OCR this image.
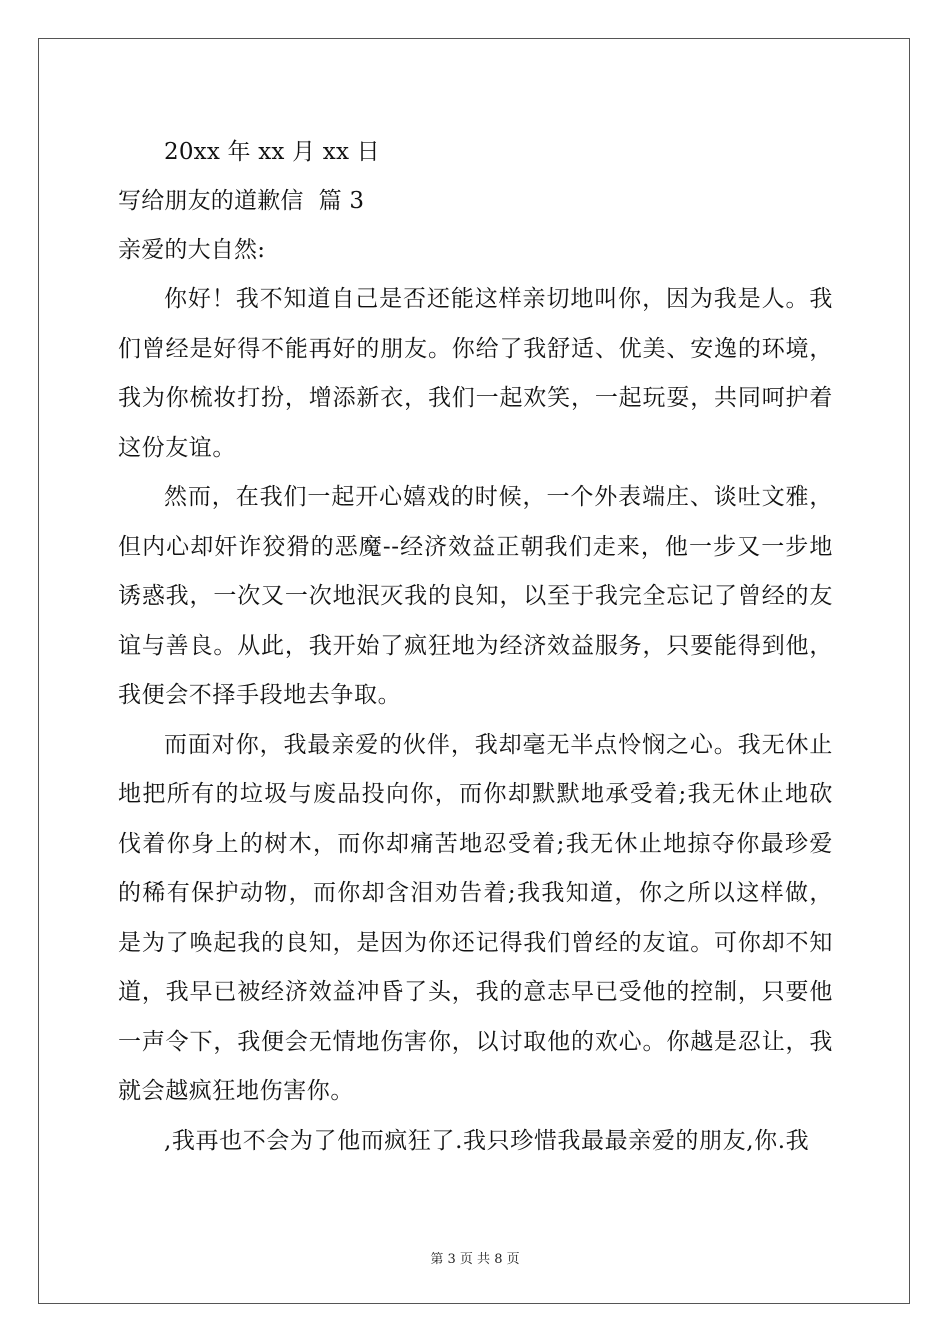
20xx 年 xx 月 xx 日
写给朋友的道歉信  篇 3
亲爱的大自然:

你好！我不知道自己是否还能这样亲切地叫你，因为我是人。我们曾经是好得不能再好的朋友。你给了我舒适、优美、安逸的环境，我为你梳妆打扮，增添新衣，我们一起欢笑，一起玩耍，共同呵护着这份友谊。

然而，在我们一起开心嬉戏的时候，一个外表端庄、谈吐文雅，但内心却奸诈狡猾的恶魔--经济效益正朝我们走来，他一步又一步地诱惑我，一次又一次地泯灭我的良知，以至于我完全忘记了曾经的友谊与善良。从此，我开始了疯狂地为经济效益服务，只要能得到他，我便会不择手段地去争取。

而面对你，我最亲爱的伙伴，我却毫无半点怜悯之心。我无休止地把所有的垃圾与废品投向你，而你却默默地承受着;我无休止地砍伐着你身上的树木，而你却痛苦地忍受着;我无休止地掠夺你最珍爱的稀有保护动物，而你却含泪劝告着;我我知道，你之所以这样做，是为了唤起我的良知，是因为你还记得我们曾经的友谊。可你却不知道，我早已被经济效益冲昏了头，我的意志早已受他的控制，只要他一声令下，我便会无情地伤害你，以讨取他的欢心。你越是忍让，我就会越疯狂地伤害你。

,我再也不会为了他而疯狂了.我只珍惜我最最亲爱的朋友,你.我

第 3 页 共 8 页
